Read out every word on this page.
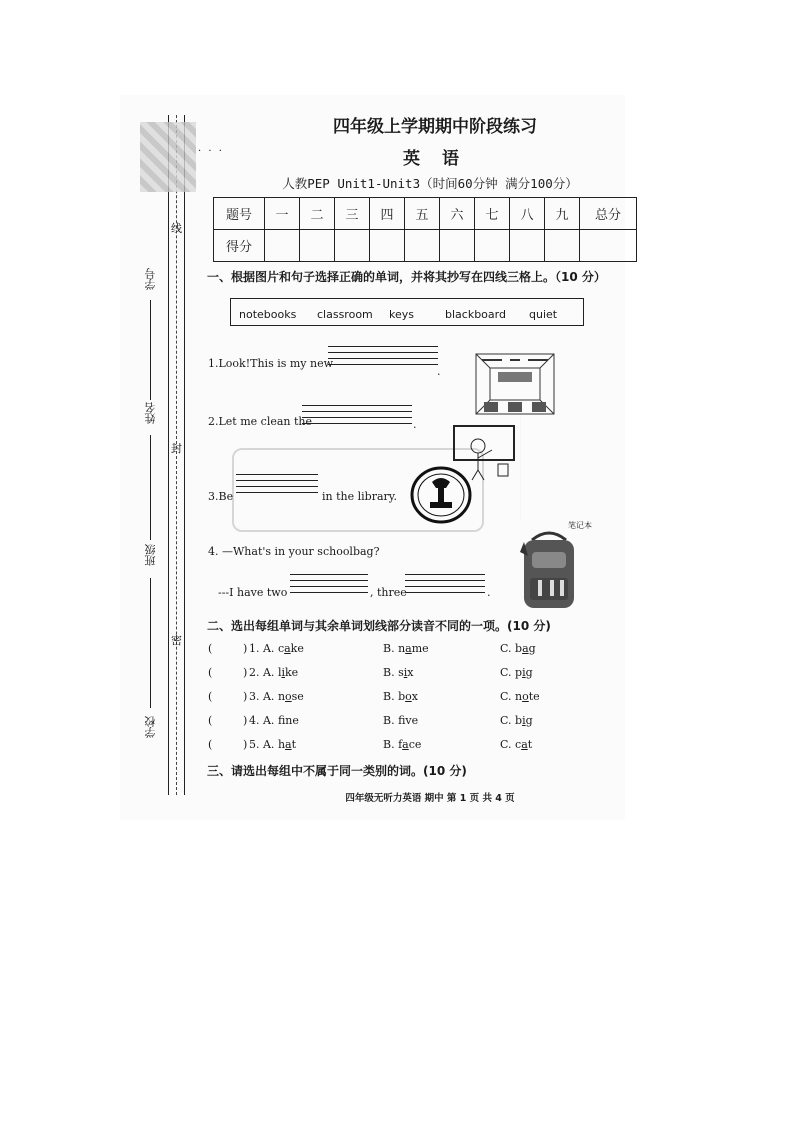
学号
姓名
班级
学校
线
封
密
· · ·
四年级上学期期中阶段练习
英 语
人教PEP Unit1-Unit3（时间60分钟 满分100分）
题号	一	二	三	四	五	六	七	八	九	总分
得分										
一、根据图片和句子选择正确的单词，并将其抄写在四线三格上。（10 分）
notebooks classroom keys	blackboard quiet
1.Look!This is my new
.
2.Let me clean the	.
3.Be	in the library.
4. —What's in your schoolbag?
---I have two	, three	.
笔记本
二、选出每组单词与其余单词划线部分读音不同的一项。(10 分)
(	) 1. A. cake	B. name	C. bag
(	) 2. A. like	B. six	C. pig
(	) 3. A. nose	B. box	C. note
(	) 4. A. fne	B. fve	C. big
(	) 5. A. hat	B. face	C. cat
三、请选出每组中不属于同一类别的词。(10 分)
四年级无听力英语 期中 第 1 页 共 4 页
